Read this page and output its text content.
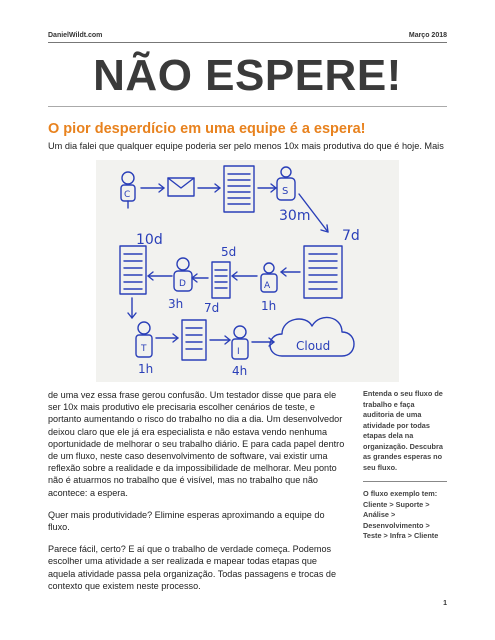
DanielWildt.com	Março 2018
NÃO ESPERE!
O pior desperdício em uma equipe é a espera!
Um dia falei que qualquer equipe poderia ser pelo menos 10x mais produtiva do que é hoje. Mais
C	S
30m
7d
A
1h
5d
7d
D
3h
10d
T
1h
I
4h
Cloud

de uma vez essa frase gerou confusão. Um testador disse que para ele ser 10x mais produtivo ele precisaria escolher cenários de teste, e portanto aumentando o risco do trabalho no dia a dia. Um desenvolvedor deixou claro que ele já era especialista e não estava vendo nenhuma oportunidade de melhorar o seu trabalho diário. E para cada papel dentro de um fluxo, neste caso desenvolvimento de software, vai existir uma reflexão sobre a realidade e da impossibilidade de melhorar. Meu ponto não é atuarmos no trabalho que é visível, mas no trabalho que não acontece: a espera.

Quer mais produtividade? Elimine esperas aproximando a equipe do fluxo.

Parece fácil, certo? E aí que o trabalho de verdade começa. Podemos escolher uma atividade a ser realizada e mapear todas etapas que aquela atividade passa pela organização. Todas passagens e trocas de contexto que existem neste processo.

Entenda o seu fluxo de trabalho e faça auditoria de uma atividade por todas etapas dela na organização. Descubra as grandes esperas no seu fluxo.

O fluxo exemplo tem: Cliente > Suporte > Análise > Desenvolvimento > Teste > Infra > Cliente

1
